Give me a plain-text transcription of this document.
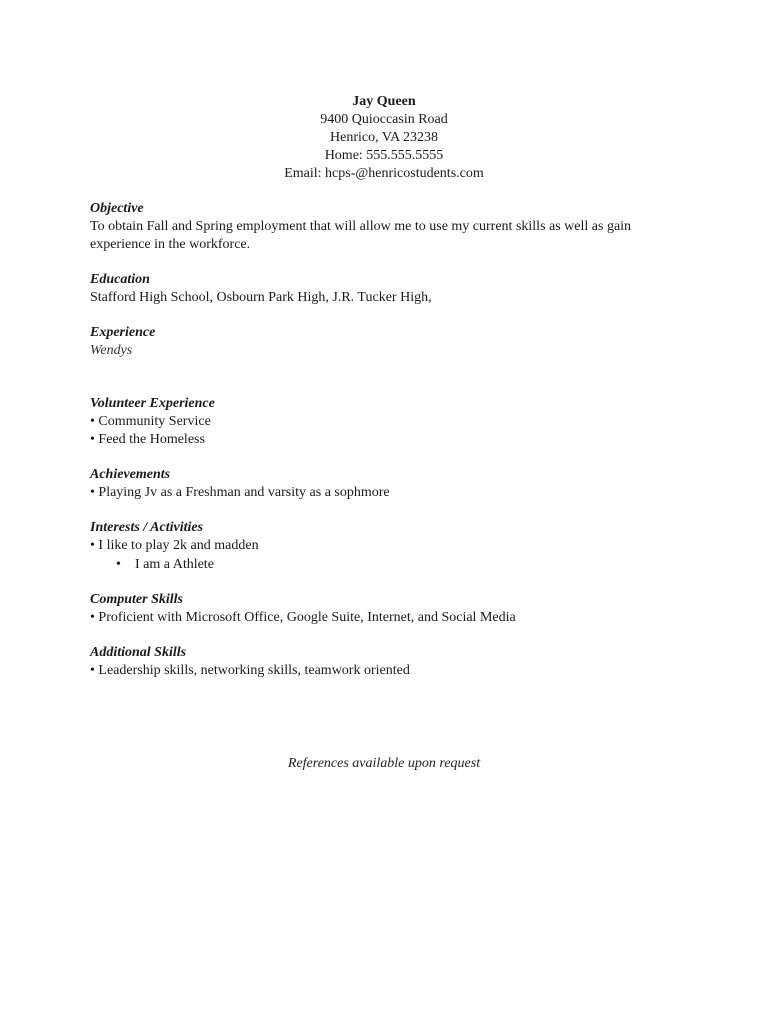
Jay Queen
9400 Quioccasin Road
Henrico, VA 23238
Home: 555.555.5555
Email: hcps-@henricostudents.com
Objective
To obtain Fall and Spring employment that will allow me to use my current skills as well as gain experience in the workforce.
Education
Stafford High School, Osbourn Park High, J.R. Tucker High,
Experience
Wendys
Volunteer Experience
• Community Service
• Feed the Homeless
Achievements
• Playing Jv as a Freshman and varsity as a sophmore
Interests / Activities
• I like to play 2k and madden
• I am a Athlete
Computer Skills
• Proficient with Microsoft Office, Google Suite, Internet, and Social Media
Additional Skills
• Leadership skills, networking skills, teamwork oriented
References available upon request
